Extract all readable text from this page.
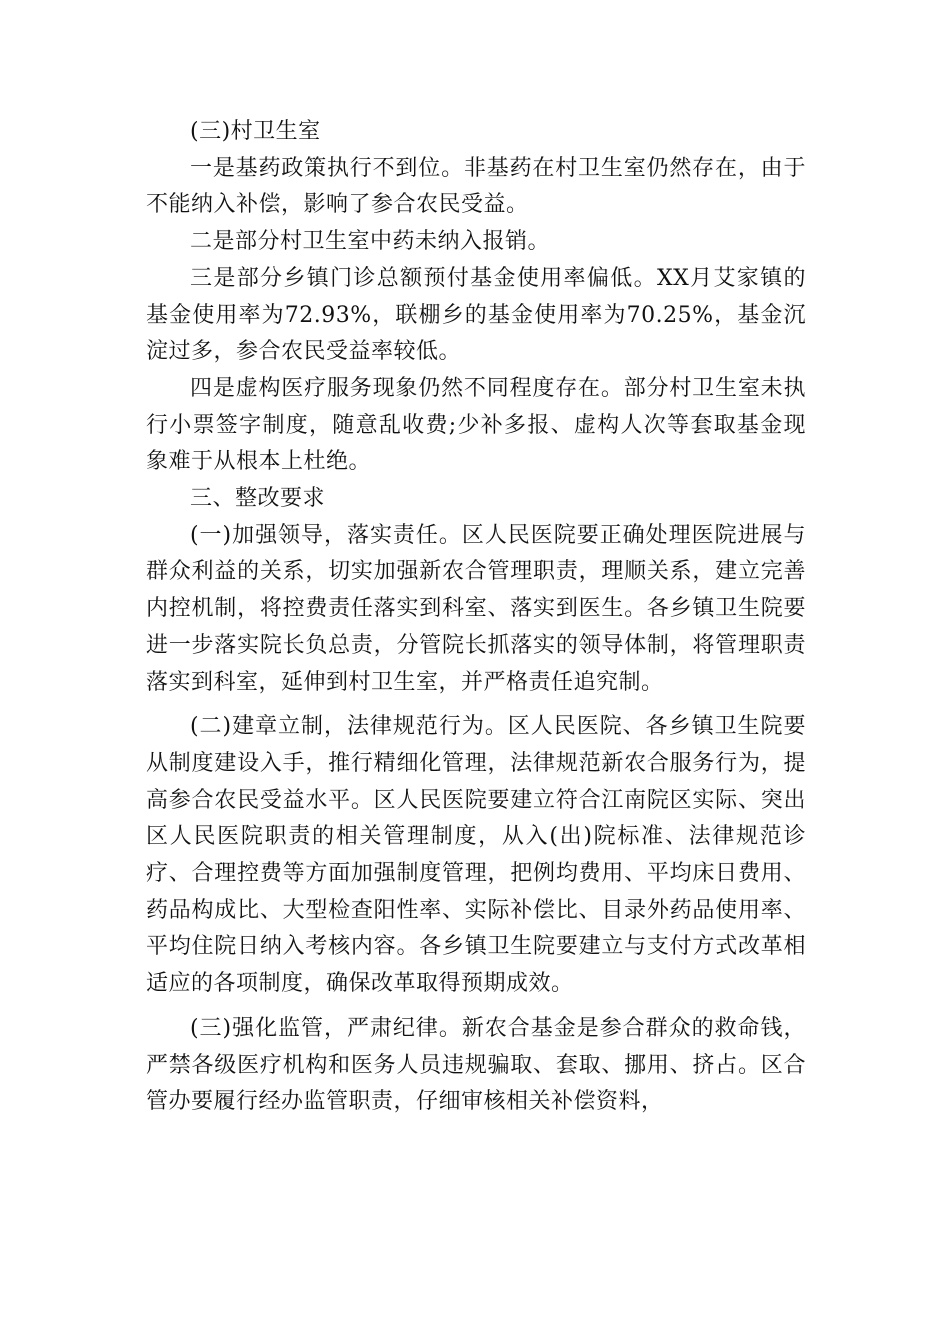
(三)村卫生室

一是基药政策执行不到位。非基药在村卫生室仍然存在，由于不能纳入补偿，影响了参合农民受益。

二是部分村卫生室中药未纳入报销。

三是部分乡镇门诊总额预付基金使用率偏低。XX月艾家镇的基金使用率为72.93%，联棚乡的基金使用率为70.25%，基金沉淀过多，参合农民受益率较低。

四是虚构医疗服务现象仍然不同程度存在。部分村卫生室未执行小票签字制度，随意乱收费;少补多报、虚构人次等套取基金现象难于从根本上杜绝。

三、整改要求

(一)加强领导，落实责任。区人民医院要正确处理医院进展与群众利益的关系，切实加强新农合管理职责，理顺关系，建立完善内控机制，将控费责任落实到科室、落实到医生。各乡镇卫生院要进一步落实院长负总责，分管院长抓落实的领导体制，将管理职责落实到科室，延伸到村卫生室，并严格责任追究制。

(二)建章立制，法律规范行为。区人民医院、各乡镇卫生院要从制度建设入手，推行精细化管理，法律规范新农合服务行为，提高参合农民受益水平。区人民医院要建立符合江南院区实际、突出区人民医院职责的相关管理制度，从入(出)院标准、法律规范诊疗、合理控费等方面加强制度管理，把例均费用、平均床日费用、药品构成比、大型检查阳性率、实际补偿比、目录外药品使用率、平均住院日纳入考核内容。各乡镇卫生院要建立与支付方式改革相适应的各项制度，确保改革取得预期成效。

(三)强化监管，严肃纪律。新农合基金是参合群众的救命钱，严禁各级医疗机构和医务人员违规骗取、套取、挪用、挤占。区合管办要履行经办监管职责，仔细审核相关补偿资料，
